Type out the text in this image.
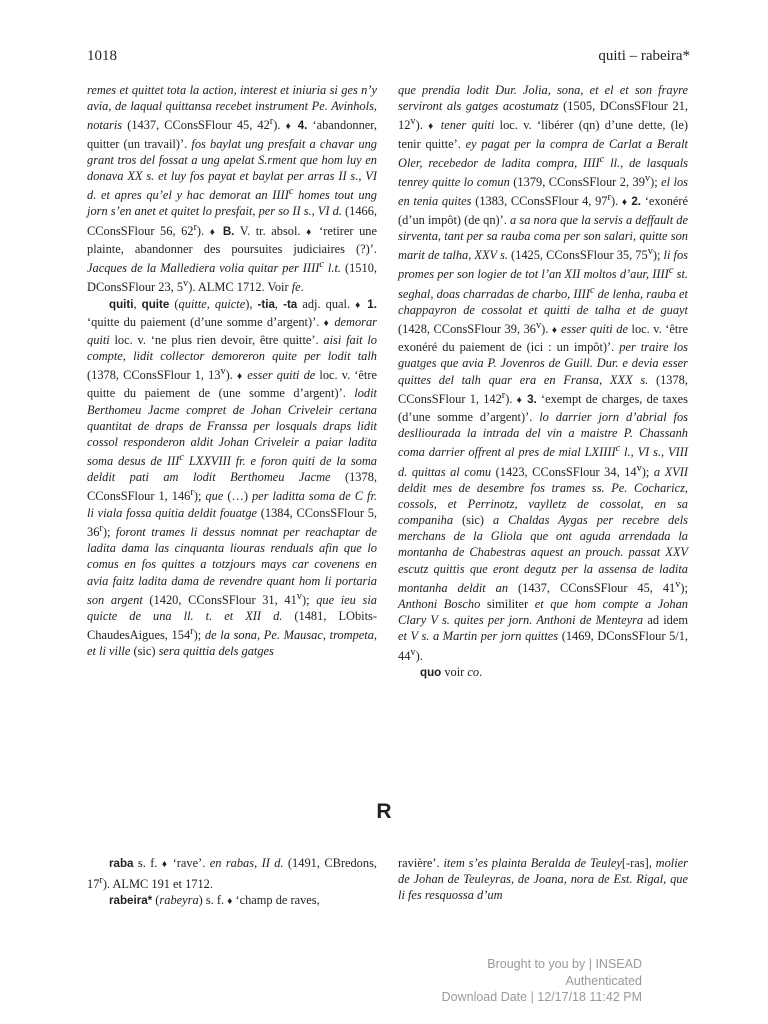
1018	quiti – rabeira*

remes et quittet tota la action, interest et iniuria si ges n’y avia, de laqual quittansa recebet instrument Pe. Avinhols, notaris (1437, CConsSFlour 45, 42$^r$). ♦ 4. ‘abandonner, quitter (un travail)’. fos baylat ung presfait a chavar ung grant tros del fossat a ung apelat S.rment que hom luy en donava XX s. et luy fos payat et baylat per arras II s., VI d. et apres qu’el y hac demorat an IIII$^c$ homes tout ung jorn s’en anet et quitet lo presfait, per so II s., VI d. (1466, CConsSFlour 56, 62$^r$). ♦ B. V. tr. absol. ♦ ‘retirer une plainte, abandonner des poursuites judiciaires (?)’. Jacques de la Mallediera volia quitar per IIII$^c$ l.t. (1510, DConsSFlour 23, 5$^v$). ALMC 1712. Voir fe.

quiti, quite (quitte, quicte), -tia, -ta adj. qual. ♦ 1. ‘quitte du paiement (d’une somme d’argent)’. ♦ demorar quiti loc. v. ‘ne plus rien devoir, être quitte’. aisi fait lo compte, lidit collector demoreron quite per lodit talh (1378, CConsSFlour 1, 13$^v$). ♦ esser quiti de loc. v. ‘être quitte du paiement de (une somme d’argent)’. lodit Berthomeu Jacme compret de Johan Criveleir certana quantitat de draps de Franssa per losquals draps lidit cossol responderon aldit Johan Criveleir a paiar ladita soma desus de III$^c$ LXXVIII fr. e foron quiti de la soma deldit pati am lodit Berthomeu Jacme (1378, CConsSFlour 1, 146$^r$); que (…) per laditta soma de C fr. li viala fossa quitia deldit fouatge (1384, CConsSFlour 5, 36$^r$); foront trames li dessus nomnat per reachaptar de ladita dama las cinquanta liouras renduals afin que lo comus en fos quittes a totzjours mays car covenens en avia faitz ladita dama de revendre quant hom li portaria son argent (1420, CConsSFlour 31, 41$^v$); que ieu sia quicte de una ll. t. et XII d. (1481, LObits-ChaudesAigues, 154$^r$); de la sona, Pe. Mausac, trompeta, et li ville (sic) sera quittia dels gatges

que prendia lodit Dur. Jolia, sona, et el et son frayre serviront als gatges acostumatz (1505, DConsSFlour 21, 12$^v$). ♦ tener quiti loc. v. ‘libérer (qn) d’une dette, (le) tenir quitte’. ey pagat per la compra de Carlat a Beralt Oler, recebedor de ladita compra, IIII$^c$ ll., de lasquals tenrey quitte lo comun (1379, CConsSFlour 2, 39$^v$); el los en tenia quites (1383, CConsSFlour 4, 97$^r$). ♦ 2. ‘exonéré (d’un impôt) (de qn)’. a sa nora que la servis a deffault de sirventa, tant per sa rauba coma per son salari, quitte son marit de talha, XXV s. (1425, CConsSFlour 35, 75$^v$); li fos promes per son logier de tot l’an XII moltos d’aur, IIII$^c$ st. seghal, doas charradas de charbo, IIII$^c$ de lenha, rauba et chappayron de cossolat et quitti de talha et de guayt (1428, CConsSFlour 39, 36$^v$). ♦ esser quiti de loc. v. ‘être exonéré du paiement de (ici : un impôt)’. per traire los guatges que avia P. Jovenros de Guill. Dur. e devia esser quittes del talh quar era en Fransa, XXX s. (1378, CConsSFlour 1, 142$^r$). ♦ 3. ‘exempt de charges, de taxes (d’une somme d’argent)’. lo darrier jorn d’abrial fos deslliourada la intrada del vin a maistre P. Chassanh coma darrier offrent al pres de mial LXIIII$^c$ l., VI s., VIII d. quittas al comu (1423, CConsSFlour 34, 14$^v$); a XVII deldit mes de desembre fos trames ss. Pe. Cocharicz, cossols, et Perrinotz, vaylletz de cossolat, en sa companiha (sic) a Chaldas Aygas per recebre dels merchans de la Gliola que ont aguda arrendada la montanha de Chabestras aquest an prouch. passat XXV escutz quittis que eront degutz per la assensa de ladita montanha deldit an (1437, CConsSFlour 45, 41$^v$); Anthoni Boscho similiter et que hom compte a Johan Clary V s. quites per jorn. Anthoni de Menteyra ad idem et V s. a Martin per jorn quittes (1469, DConsSFlour 5/1, 44$^v$).

quo voir co.

R

raba s. f. ♦ ‘rave’. en rabas, II d. (1491, CBredons, 17$^r$). ALMC 191 et 1712.

rabeira* (rabeyra) s. f. ♦ ‘champ de raves,

ravière’. item s’es plainta Beralda de Teuley[-ras], molier de Johan de Teuleyras, de Joana, nora de Est. Rigal, que li fes resquossa d’um

Brought to you by | INSEAD
Authenticated
Download Date | 12/17/18 11:42 PM
